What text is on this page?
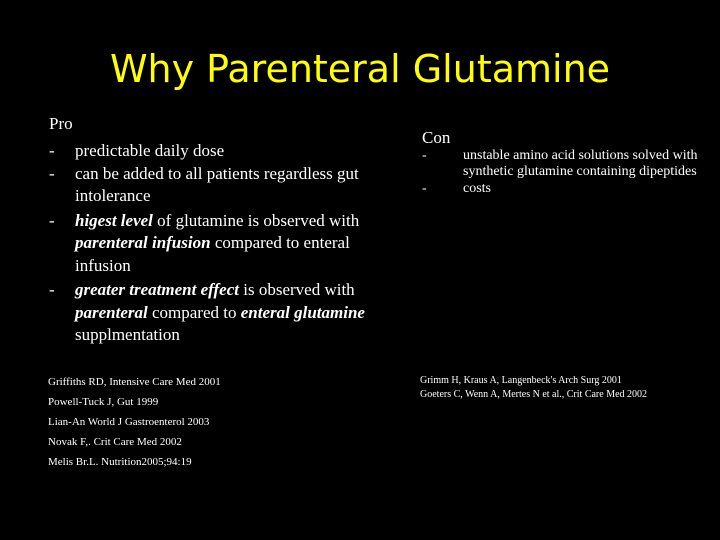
Why Parenteral Glutamine
Pro
- predictable daily dose
- can be added to all patients regardless gut intolerance
- higest level of glutamine is observed with parenteral infusion compared to enteral infusion
- greater treatment effect is observed with parenteral compared to enteral glutamine supplmentation
Con
-	unstable amino acid solutions solved with synthetic glutamine containing dipeptides
-	costs
Griffiths RD, Intensive Care Med 2001
Powell-Tuck J, Gut 1999
Lian-An World J Gastroenterol 2003
Novak F,. Crit Care Med 2002
Melis Br.L. Nutrition2005;94:19
Grimm H, Kraus A, Langenbeck's Arch Surg 2001
Goeters C, Wenn A, Mertes N et al., Crit Care Med 2002
